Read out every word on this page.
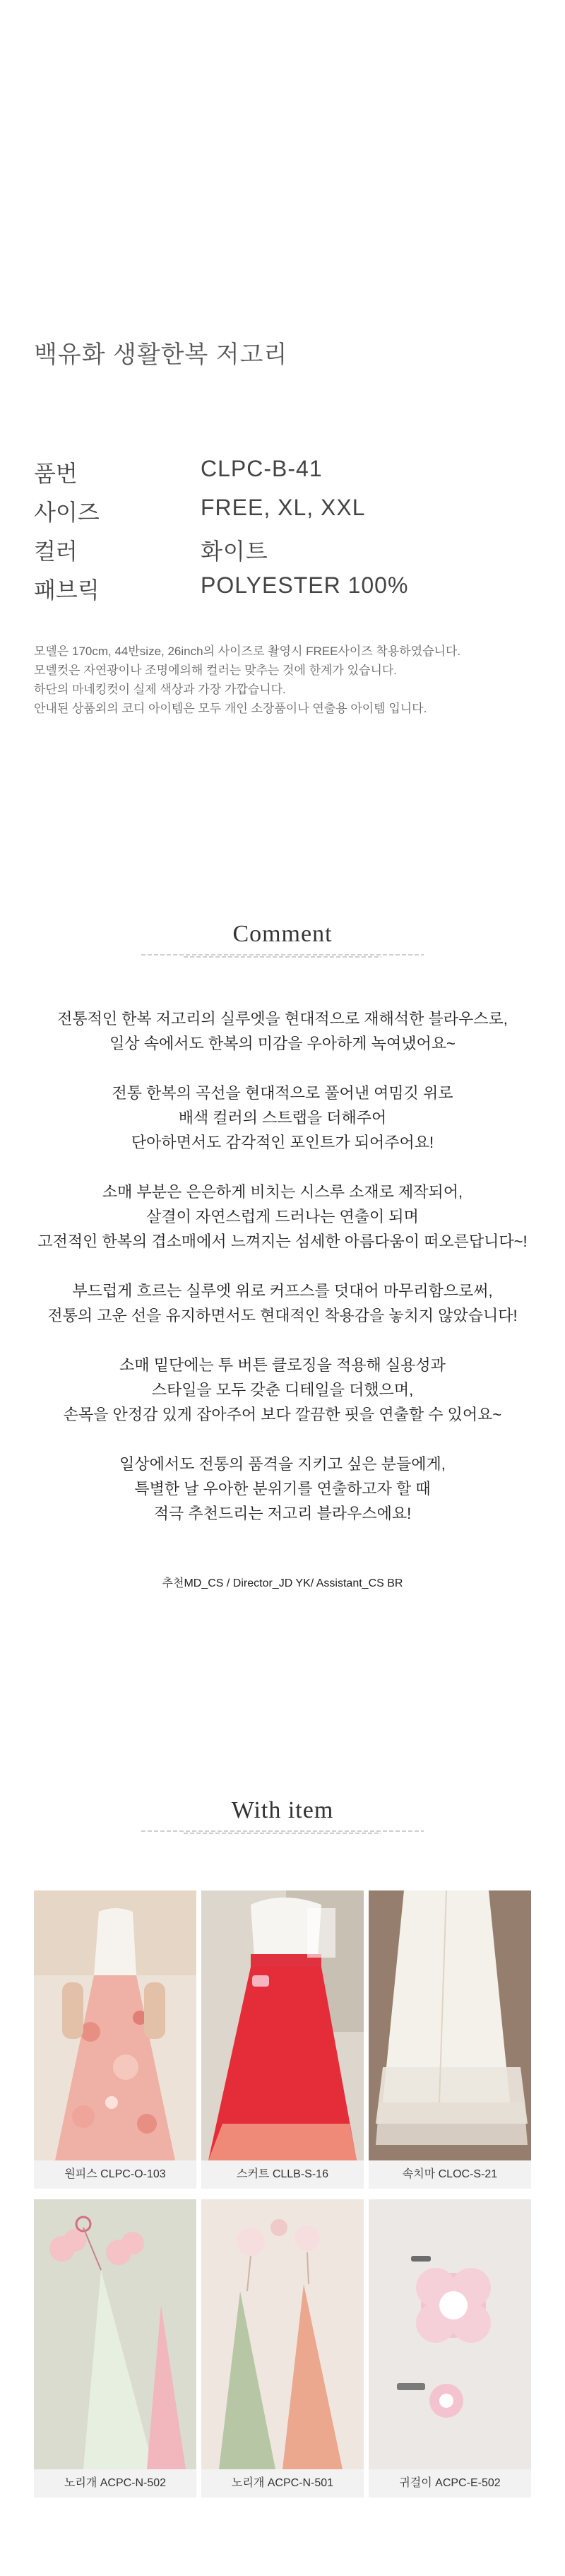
백유화 생활한복 저고리
품번	CLPC-B-41
사이즈	FREE, XL, XXL
컬러	화이트
패브릭	POLYESTER 100%
모델은 170cm, 44반size, 26inch의 사이즈로 촬영시 FREE사이즈 착용하였습니다.
모델컷은 자연광이나 조명에의해 컬러는 맞추는 것에 한계가 있습니다.
하단의 마네킹컷이 실제 색상과 가장 가깝습니다.
안내된 상품외의 코디 아이템은 모두 개인 소장품이나 연출용 아이템 입니다.
Comment
전통적인 한복 저고리의 실루엣을 현대적으로 재해석한 블라우스로,
일상 속에서도 한복의 미감을 우아하게 녹여냈어요~
전통 한복의 곡선을 현대적으로 풀어낸 여밈깃 위로
배색 컬러의 스트랩을 더해주어
단아하면서도 감각적인 포인트가 되어주어요!
소매 부분은 은은하게 비치는 시스루 소재로 제작되어,
살결이 자연스럽게 드러나는 연출이 되며
고전적인 한복의 겹소매에서 느껴지는 섬세한 아름다움이 떠오른답니다~!
부드럽게 흐르는 실루엣 위로 커프스를 덧대어 마무리함으로써,
전통의 고운 선을 유지하면서도 현대적인 착용감을 놓치지 않았습니다!
소매 밑단에는 투 버튼 클로징을 적용해 실용성과
스타일을 모두 갖춘 디테일을 더했으며,
손목을 안정감 있게 잡아주어 보다 깔끔한 핏을 연출할 수 있어요~
일상에서도 전통의 품격을 지키고 싶은 분들에게,
특별한 날 우아한 분위기를 연출하고자 할 때
적극 추천드리는 저고리 블라우스에요!
추천MD_CS / Director_JD YK/ Assistant_CS BR
With item
원피스 CLPC-O-103	스커트 CLLB-S-16	속치마 CLOC-S-21
노리개 ACPC-N-502	노리개 ACPC-N-501	귀걸이 ACPC-E-502
